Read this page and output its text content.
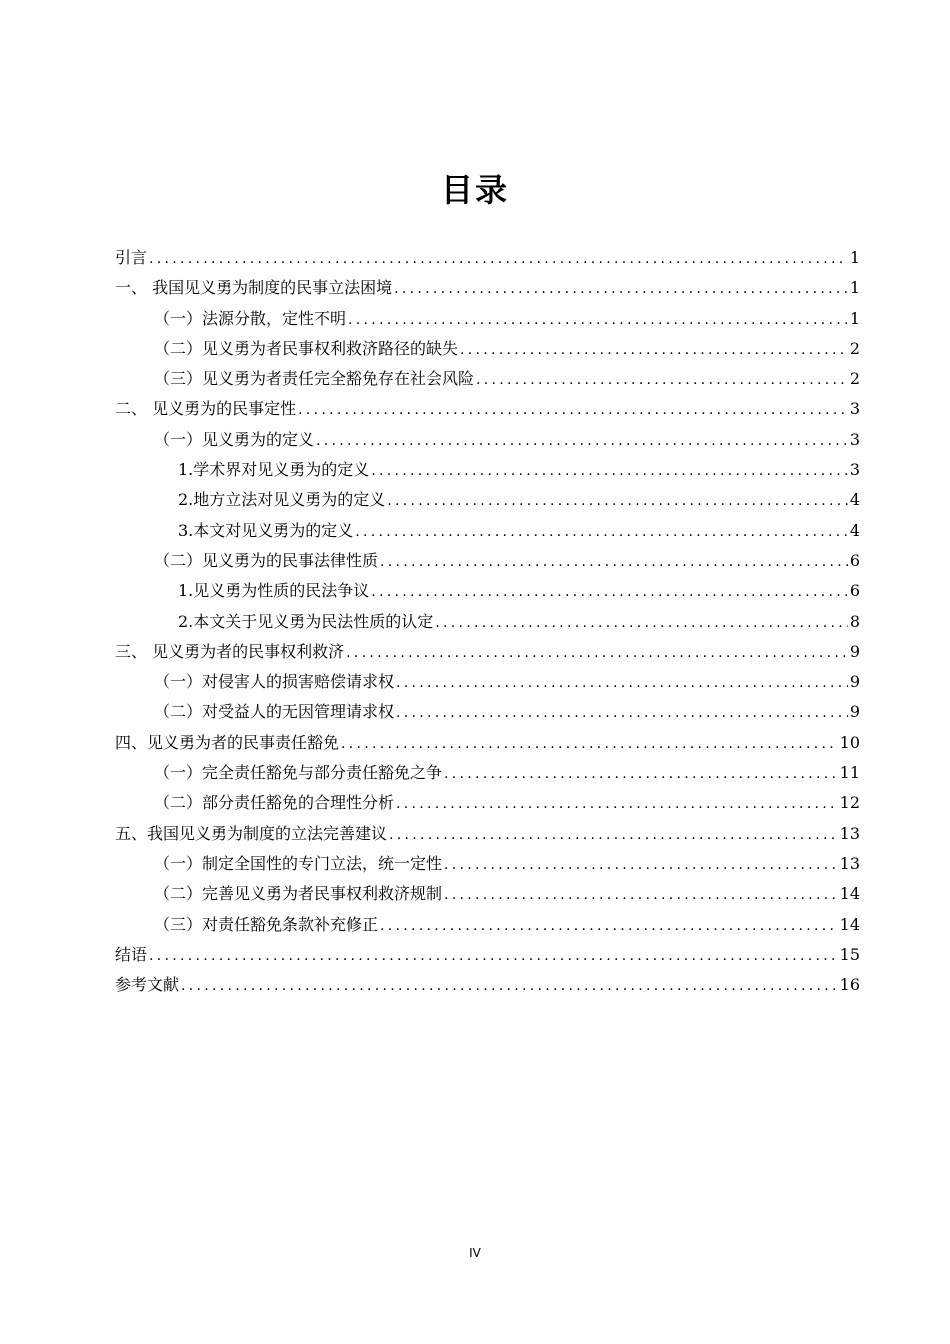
目录
引言 .....	1
一、 我国见义勇为制度的民事立法困境 .....	1
（一）法源分散，定性不明 .....	1
（二）见义勇为者民事权利救济路径的缺失 .....	2
（三）见义勇为者责任完全豁免存在社会风险 .....	2
二、 见义勇为的民事定性 .....	3
（一）见义勇为的定义 .....	3
1.学术界对见义勇为的定义 .....	3
2.地方立法对见义勇为的定义 .....	4
3.本文对见义勇为的定义 .....	4
（二）见义勇为的民事法律性质 .....	6
1.见义勇为性质的民法争议 .....	6
2.本文关于见义勇为民法性质的认定 .....	8
三、 见义勇为者的民事权利救济 .....	9
（一）对侵害人的损害赔偿请求权 .....	9
（二）对受益人的无因管理请求权 .....	9
四、见义勇为者的民事责任豁免 .....	10
（一）完全责任豁免与部分责任豁免之争 .....	11
（二）部分责任豁免的合理性分析 .....	12
五、我国见义勇为制度的立法完善建议 .....	13
（一）制定全国性的专门立法，统一定性 .....	13
（二）完善见义勇为者民事权利救济规制 .....	14
（三）对责任豁免条款补充修正 .....	14
结语 .....	15
参考文献 .....	16
IV
